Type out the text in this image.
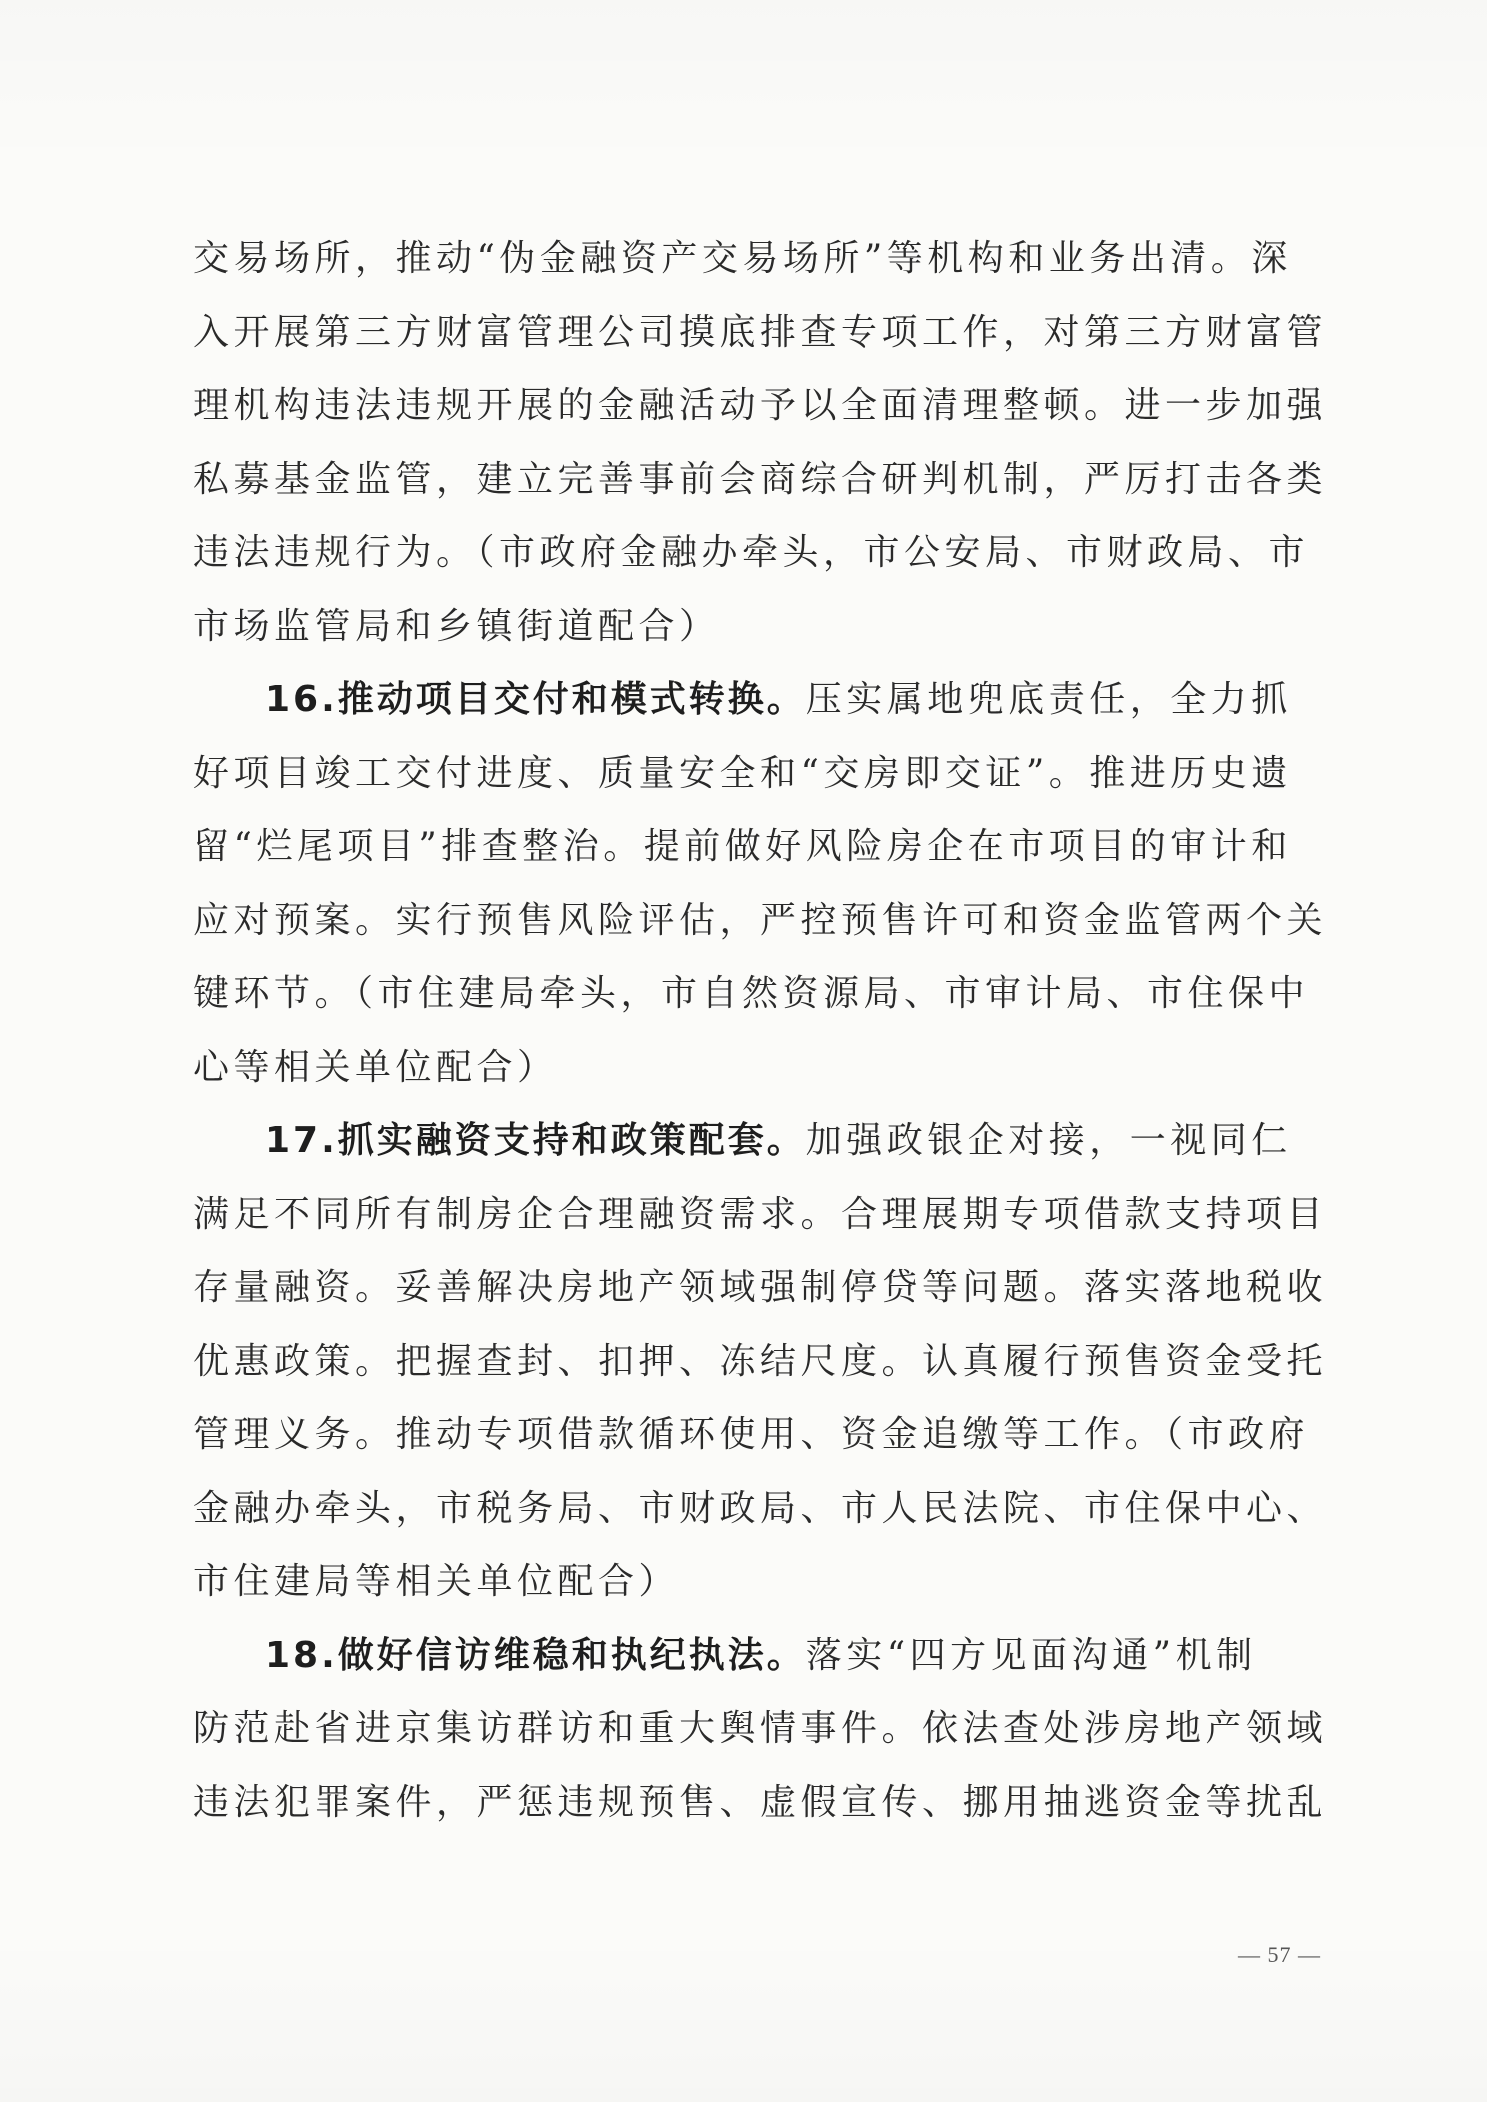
交易场所，推动“伪金融资产交易场所”等机构和业务出清。深
入开展第三方财富管理公司摸底排查专项工作，对第三方财富管
理机构违法违规开展的金融活动予以全面清理整顿。进一步加强
私募基金监管，建立完善事前会商综合研判机制，严厉打击各类
违法违规行为。（市政府金融办牵头，市公安局、市财政局、市
市场监管局和乡镇街道配合）
16.推动项目交付和模式转换。压实属地兜底责任，全力抓
好项目竣工交付进度、质量安全和“交房即交证”。推进历史遗
留“烂尾项目”排查整治。提前做好风险房企在市项目的审计和
应对预案。实行预售风险评估，严控预售许可和资金监管两个关
键环节。（市住建局牵头，市自然资源局、市审计局、市住保中
心等相关单位配合）
17.抓实融资支持和政策配套。加强政银企对接，一视同仁
满足不同所有制房企合理融资需求。合理展期专项借款支持项目
存量融资。妥善解决房地产领域强制停贷等问题。落实落地税收
优惠政策。把握查封、扣押、冻结尺度。认真履行预售资金受托
管理义务。推动专项借款循环使用、资金追缴等工作。（市政府
金融办牵头，市税务局、市财政局、市人民法院、市住保中心、
市住建局等相关单位配合）
18.做好信访维稳和执纪执法。落实“四方见面沟通”机制
防范赴省进京集访群访和重大舆情事件。依法查处涉房地产领域
违法犯罪案件，严惩违规预售、虚假宣传、挪用抽逃资金等扰乱
— 57 —
